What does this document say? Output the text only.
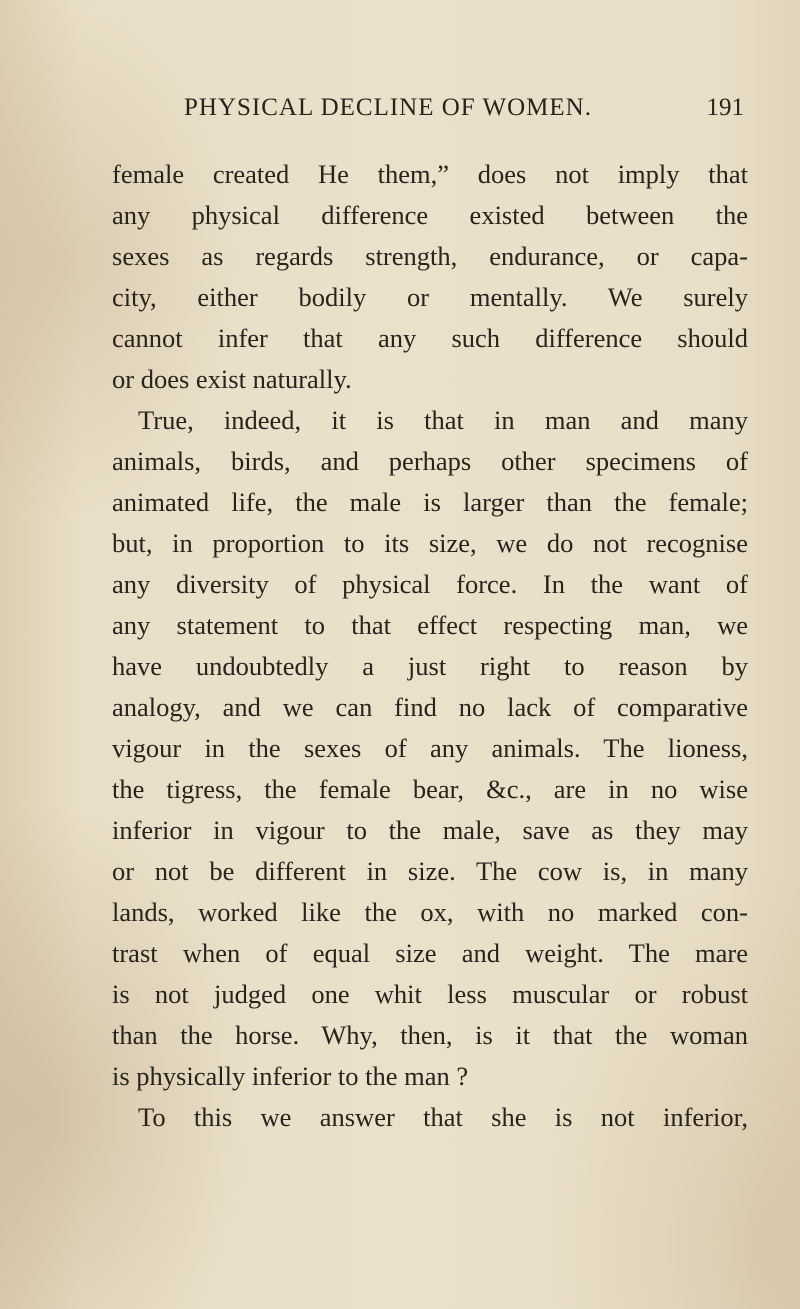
PHYSICAL DECLINE OF WOMEN.	191
female created He them,” does not imply that
any physical difference existed between the
sexes as regards strength, endurance, or capa-
city, either bodily or mentally. We surely
cannot infer that any such difference should
or does exist naturally.
True, indeed, it is that in man and many
animals, birds, and perhaps other specimens of
animated life, the male is larger than the female;
but, in proportion to its size, we do not recognise
any diversity of physical force. In the want of
any statement to that effect respecting man, we
have undoubtedly a just right to reason by
analogy, and we can find no lack of comparative
vigour in the sexes of any animals. The lioness,
the tigress, the female bear, &c., are in no wise
inferior in vigour to the male, save as they may
or not be different in size. The cow is, in many
lands, worked like the ox, with no marked con-
trast when of equal size and weight. The mare
is not judged one whit less muscular or robust
than the horse. Why, then, is it that the woman
is physically inferior to the man ?
To this we answer that she is not inferior,
